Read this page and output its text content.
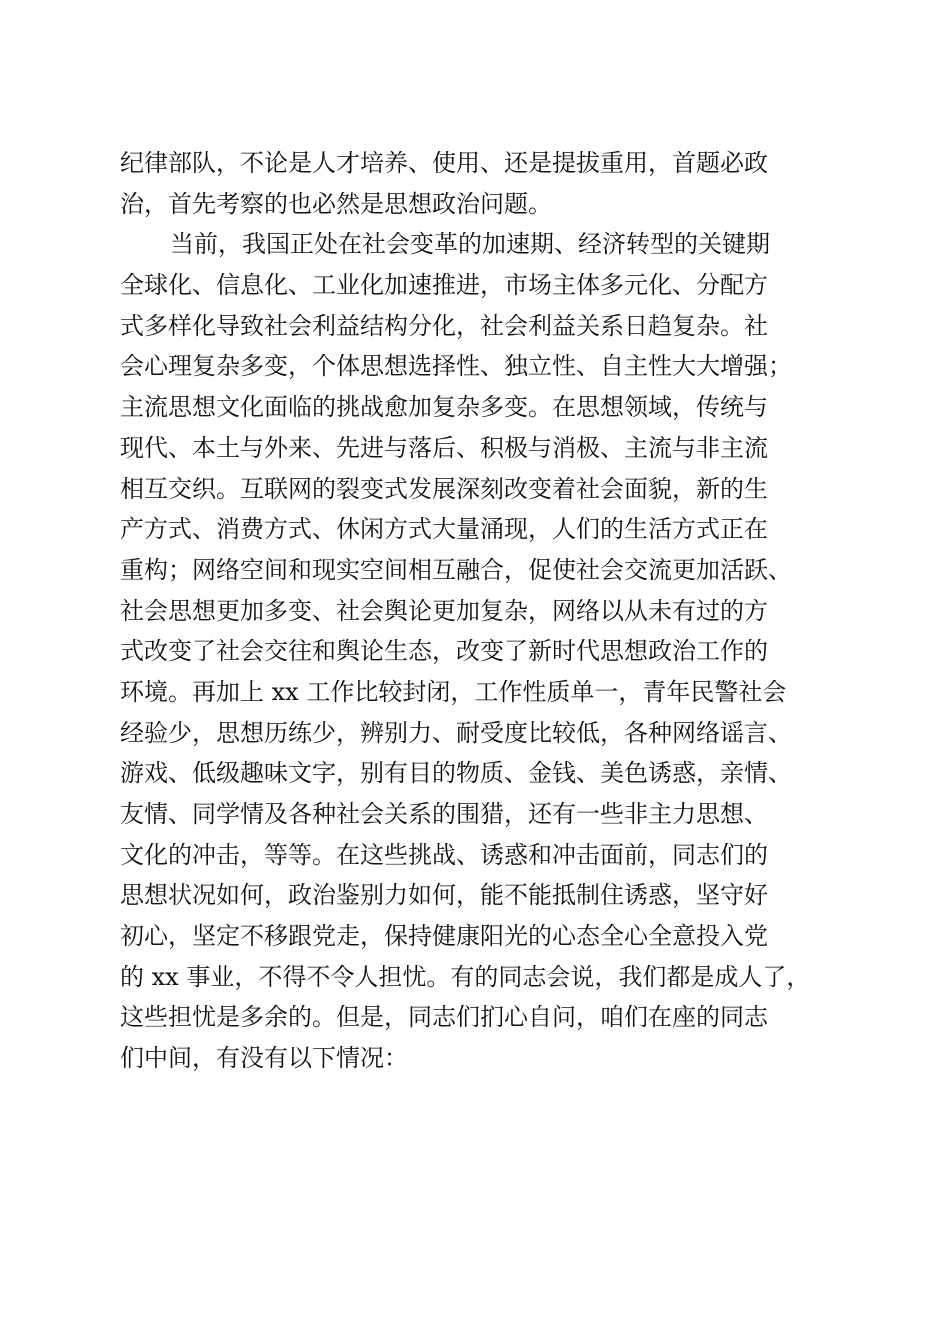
纪律部队，不论是人才培养、使用、还是提拔重用，首题必政
治，首先考察的也必然是思想政治问题。
当前，我国正处在社会变革的加速期、经济转型的关键期
全球化、信息化、工业化加速推进，市场主体多元化、分配方
式多样化导致社会利益结构分化，社会利益关系日趋复杂。社
会心理复杂多变，个体思想选择性、独立性、自主性大大增强；
主流思想文化面临的挑战愈加复杂多变。在思想领域，传统与
现代、本土与外来、先进与落后、积极与消极、主流与非主流
相互交织。互联网的裂变式发展深刻改变着社会面貌，新的生
产方式、消费方式、休闲方式大量涌现，人们的生活方式正在
重构；网络空间和现实空间相互融合，促使社会交流更加活跃、
社会思想更加多变、社会舆论更加复杂，网络以从未有过的方
式改变了社会交往和舆论生态，改变了新时代思想政治工作的
环境。再加上 xx 工作比较封闭，工作性质单一，青年民警社会
经验少，思想历练少，辨别力、耐受度比较低，各种网络谣言、
游戏、低级趣味文字，别有目的物质、金钱、美色诱惑，亲情、
友情、同学情及各种社会关系的围猎，还有一些非主力思想、
文化的冲击，等等。在这些挑战、诱惑和冲击面前，同志们的
思想状况如何，政治鉴别力如何，能不能抵制住诱惑，坚守好
初心，坚定不移跟党走，保持健康阳光的心态全心全意投入党
的 xx 事业，不得不令人担忧。有的同志会说，我们都是成人了，
这些担忧是多余的。但是，同志们扪心自问，咱们在座的同志
们中间，有没有以下情况：
